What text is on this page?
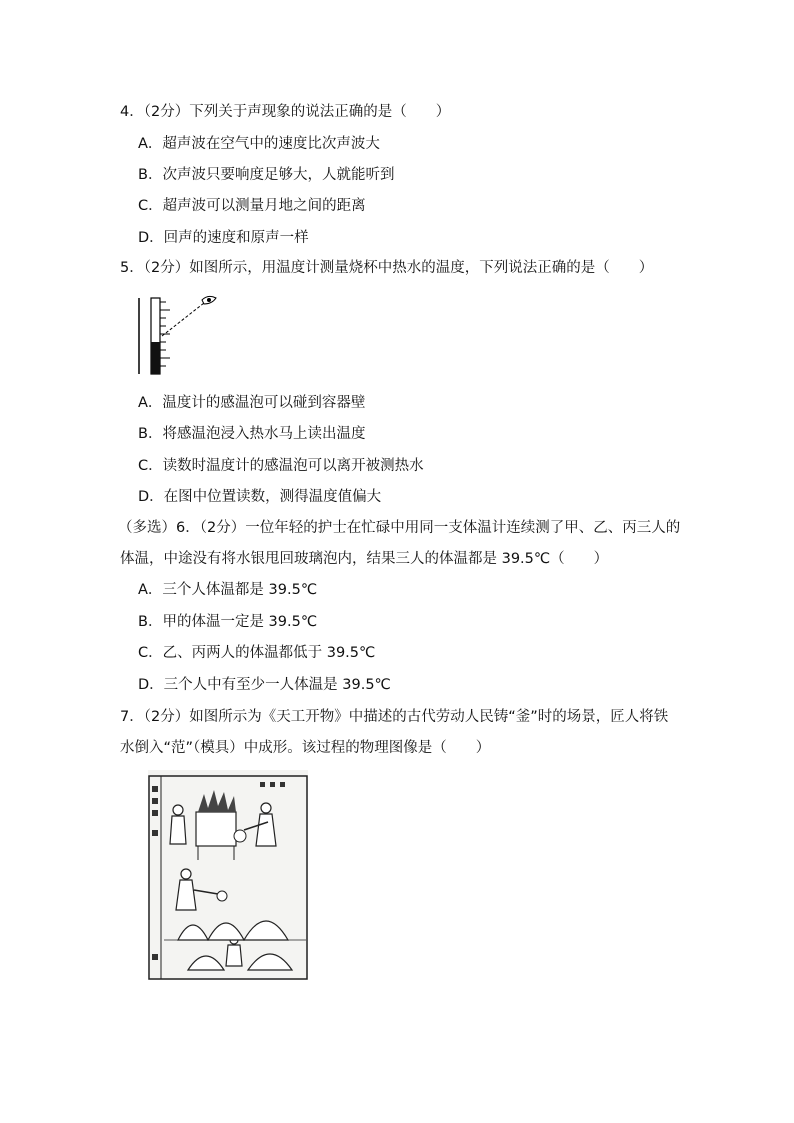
4．（2分）下列关于声现象的说法正确的是（　　）
A．超声波在空气中的速度比次声波大
B．次声波只要响度足够大，人就能听到
C．超声波可以测量月地之间的距离
D．回声的速度和原声一样
5．（2分）如图所示，用温度计测量烧杯中热水的温度，下列说法正确的是（　　）
A．温度计的感温泡可以碰到容器壁
B．将感温泡浸入热水马上读出温度
C．读数时温度计的感温泡可以离开被测热水
D．在图中位置读数，测得温度值偏大
（多选）6．（2分）一位年轻的护士在忙碌中用同一支体温计连续测了甲、乙、丙三人的
体温，中途没有将水银甩回玻璃泡内，结果三人的体温都是 39.5℃（　　）
A．三个人体温都是 39.5℃
B．甲的体温一定是 39.5℃
C．乙、丙两人的体温都低于 39.5℃
D．三个人中有至少一人体温是 39.5℃
7．（2分）如图所示为《天工开物》中描述的古代劳动人民铸“釜”时的场景，匠人将铁
水倒入“范”（模具）中成形。该过程的物理图像是（　　）
